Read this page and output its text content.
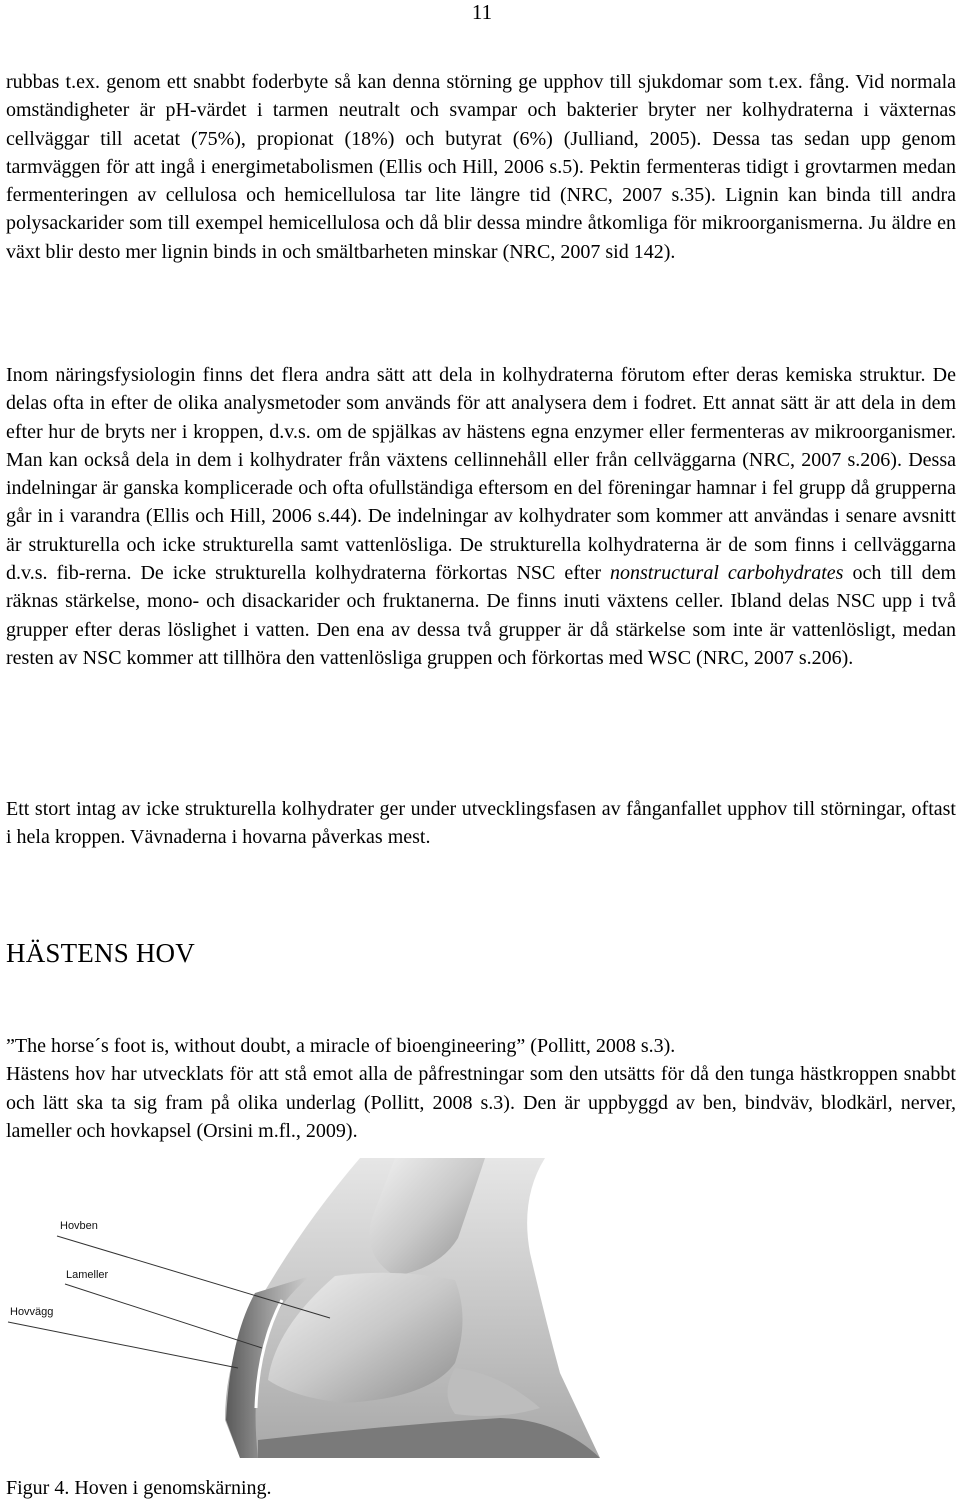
11

rubbas t.ex. genom ett snabbt foderbyte så kan denna störning ge upphov till sjukdomar som t.ex. fång. Vid normala omständigheter är pH-värdet i tarmen neutralt och svampar och bakterier bryter ner kolhydraterna i växternas cellväggar till acetat (75%), propionat (18%) och butyrat (6%) (Julliand, 2005). Dessa tas sedan upp genom tarmväggen för att ingå i energimetabolismen (Ellis och Hill, 2006 s.5). Pektin fermenteras tidigt i grovtarmen medan fermenteringen av cellulosa och hemicellulosa tar lite längre tid (NRC, 2007 s.35). Lignin kan binda till andra polysackarider som till exempel hemicellulosa och då blir dessa mindre åtkomliga för mikroorganismerna. Ju äldre en växt blir desto mer lignin binds in och smältbarheten minskar (NRC, 2007 sid 142).

Inom näringsfysiologin finns det flera andra sätt att dela in kolhydraterna förutom efter deras kemiska struktur. De delas ofta in efter de olika analysmetoder som används för att analysera dem i fodret. Ett annat sätt är att dela in dem efter hur de bryts ner i kroppen, d.v.s. om de spjälkas av hästens egna enzymer eller fermenteras av mikroorganismer. Man kan också dela in dem i kolhydrater från växtens cellinnehåll eller från cellväggarna (NRC, 2007 s.206). Dessa indelningar är ganska komplicerade och ofta ofullständiga eftersom en del föreningar hamnar i fel grupp då grupperna går in i varandra (Ellis och Hill, 2006 s.44). De indelningar av kolhydrater som kommer att användas i senare avsnitt är strukturella och icke strukturella samt vattenlösliga. De strukturella kolhydraterna är de som finns i cellväggarna d.v.s. fib-rerna. De icke strukturella kolhydraterna förkortas NSC efter nonstructural carbohydrates och till dem räknas stärkelse, mono- och disackarider och fruktanerna. De finns inuti växtens celler. Ibland delas NSC upp i två grupper efter deras löslighet i vatten. Den ena av dessa två grupper är då stärkelse som inte är vattenlösligt, medan resten av NSC kommer att tillhöra den vattenlösliga gruppen och förkortas med WSC (NRC, 2007 s.206).

Ett stort intag av icke strukturella kolhydrater ger under utvecklingsfasen av fånganfallet upphov till störningar, oftast i hela kroppen. Vävnaderna i hovarna påverkas mest.

HÄSTENS HOV
”The horse´s foot is, without doubt, a miracle of bioengineering” (Pollitt, 2008 s.3).
Hästens hov har utvecklats för att stå emot alla de påfrestningar som den utsätts för då den tunga hästkroppen snabbt och lätt ska ta sig fram på olika underlag (Pollitt, 2008 s.3). Den är uppbyggd av ben, bindväv, blodkärl, nerver, lameller och hovkapsel (Orsini m.fl., 2009).
Hovben
Lameller
Hovvägg

Figur 4. Hoven i genomskärning.
